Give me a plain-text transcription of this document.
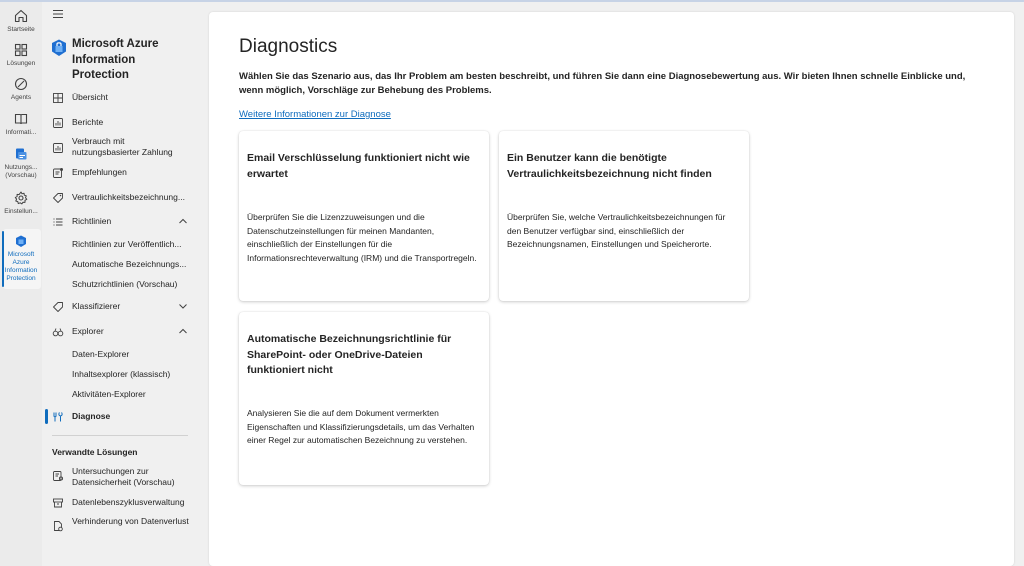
Startseite
Lösungen
Agents
Informati...
Nutzungs...
(Vorschau)
Einstellun...
Microsoft
Azure
Information
Protection
Microsoft Azure Information Protection
Übersicht
Berichte
Verbrauch mit nutzungsbasierter Zahlung
Empfehlungen
Vertraulichkeitsbezeichnung...
Richtlinien
Richtlinien zur Veröffentlich...
Automatische Bezeichnungs...
Schutzrichtlinien (Vorschau)
Klassifizierer
Explorer
Daten-Explorer
Inhaltsexplorer (klassisch)
Aktivitäten-Explorer
Diagnose
Verwandte Lösungen
Untersuchungen zur Datensicherheit (Vorschau)
Datenlebenszyklusverwaltung
Verhinderung von Datenverlust
Diagnostics

Wählen Sie das Szenario aus, das Ihr Problem am besten beschreibt, und führen Sie dann eine Diagnosebewertung aus. Wir bieten Ihnen schnelle Einblicke und, wenn möglich, Vorschläge zur Behebung des Problems.

Weitere Informationen zur Diagnose
Email Verschlüsselung funktioniert nicht wie erwartet
Überprüfen Sie die Lizenzzuweisungen und die Datenschutzeinstellungen für meinen Mandanten, einschließlich der Einstellungen für die Informationsrechteverwaltung (IRM) und die Transportregeln.
Ein Benutzer kann die benötigte Vertraulichkeitsbezeichnung nicht finden
Überprüfen Sie, welche Vertraulichkeitsbezeichnungen für den Benutzer verfügbar sind, einschließlich der Bezeichnungsnamen, Einstellungen und Speicherorte.
Automatische Bezeichnungsrichtlinie für SharePoint- oder OneDrive-Dateien funktioniert nicht
Analysieren Sie die auf dem Dokument vermerkten Eigenschaften und Klassifizierungsdetails, um das Verhalten einer Regel zur automatischen Bezeichnung zu verstehen.
